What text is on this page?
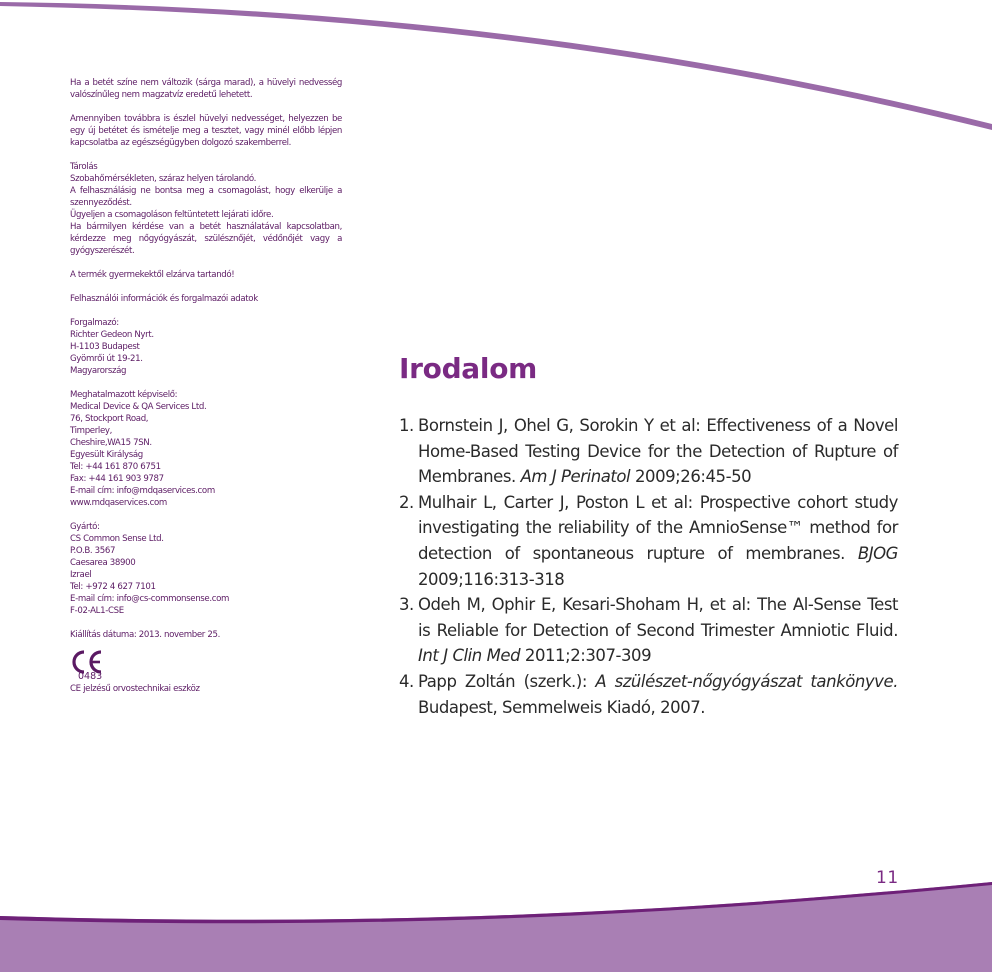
Ha a betét színe nem változik (sárga marad), a hüvelyi nedvesség valószínűleg nem magzatvíz eredetű lehetett.

Amennyiben továbbra is észlel hüvelyi nedvességet, helyezzen be egy új betétet és ismételje meg a tesztet, vagy minél előbb lépjen kapcsolatba az egészségügyben dolgozó szakemberrel.

Tárolás

Szobahőmérsékleten, száraz helyen tárolandó.

A felhasználásig ne bontsa meg a csomagolást, hogy elkerülje a szennyeződést.

Ügyeljen a csomagoláson feltüntetett lejárati időre.

Ha bármilyen kérdése van a betét használatával kapcsolatban, kérdezze meg nőgyógyászát, szülésznőjét, védőnőjét vagy a gyógyszerészét.

A termék gyermekektől elzárva tartandó!

Felhasználói információk és forgalmazói adatok

Forgalmazó:

Richter Gedeon Nyrt.

H-1103 Budapest

Gyömrői út 19-21.

Magyarország

Meghatalmazott képviselő:

Medical Device & QA Services Ltd.

76, Stockport Road,

Timperley,

Cheshire,WA15 7SN.

Egyesült Királyság

Tel: +44 161 870 6751

Fax: +44 161 903 9787

E-mail cím: info@mdqaservices.com

www.mdqaservices.com

Gyártó:

CS Common Sense Ltd.

P.O.B. 3567

Caesarea 38900

Izrael

Tel: +972 4 627 7101

E-mail cím: info@cs-commonsense.com

F-02-AL1-CSE

Kiállítás dátuma: 2013. november 25.

0483

CE jelzésű orvostechnikai eszköz

Irodalom
1. Bornstein J, Ohel G, Sorokin Y et al: Effectiveness of a Novel Home-Based Testing Device for the Detection of Rupture of Membranes. Am J Perinatol 2009;26:45-50
2. Mulhair L, Carter J, Poston L et al: Prospective cohort study investigating the reliability of the AmnioSense™ method for detection of spontaneous rupture of membranes. BJOG 2009;116:313-318
3. Odeh M, Ophir E, Kesari-Shoham H, et al: The Al-Sense Test is Reliable for Detection of Second Trimester Amniotic Fluid. Int J Clin Med 2011;2:307-309
4. Papp Zoltán (szerk.): A szülészet-nőgyógyászat tankönyve. Budapest, Semmelweis Kiadó, 2007.
11
